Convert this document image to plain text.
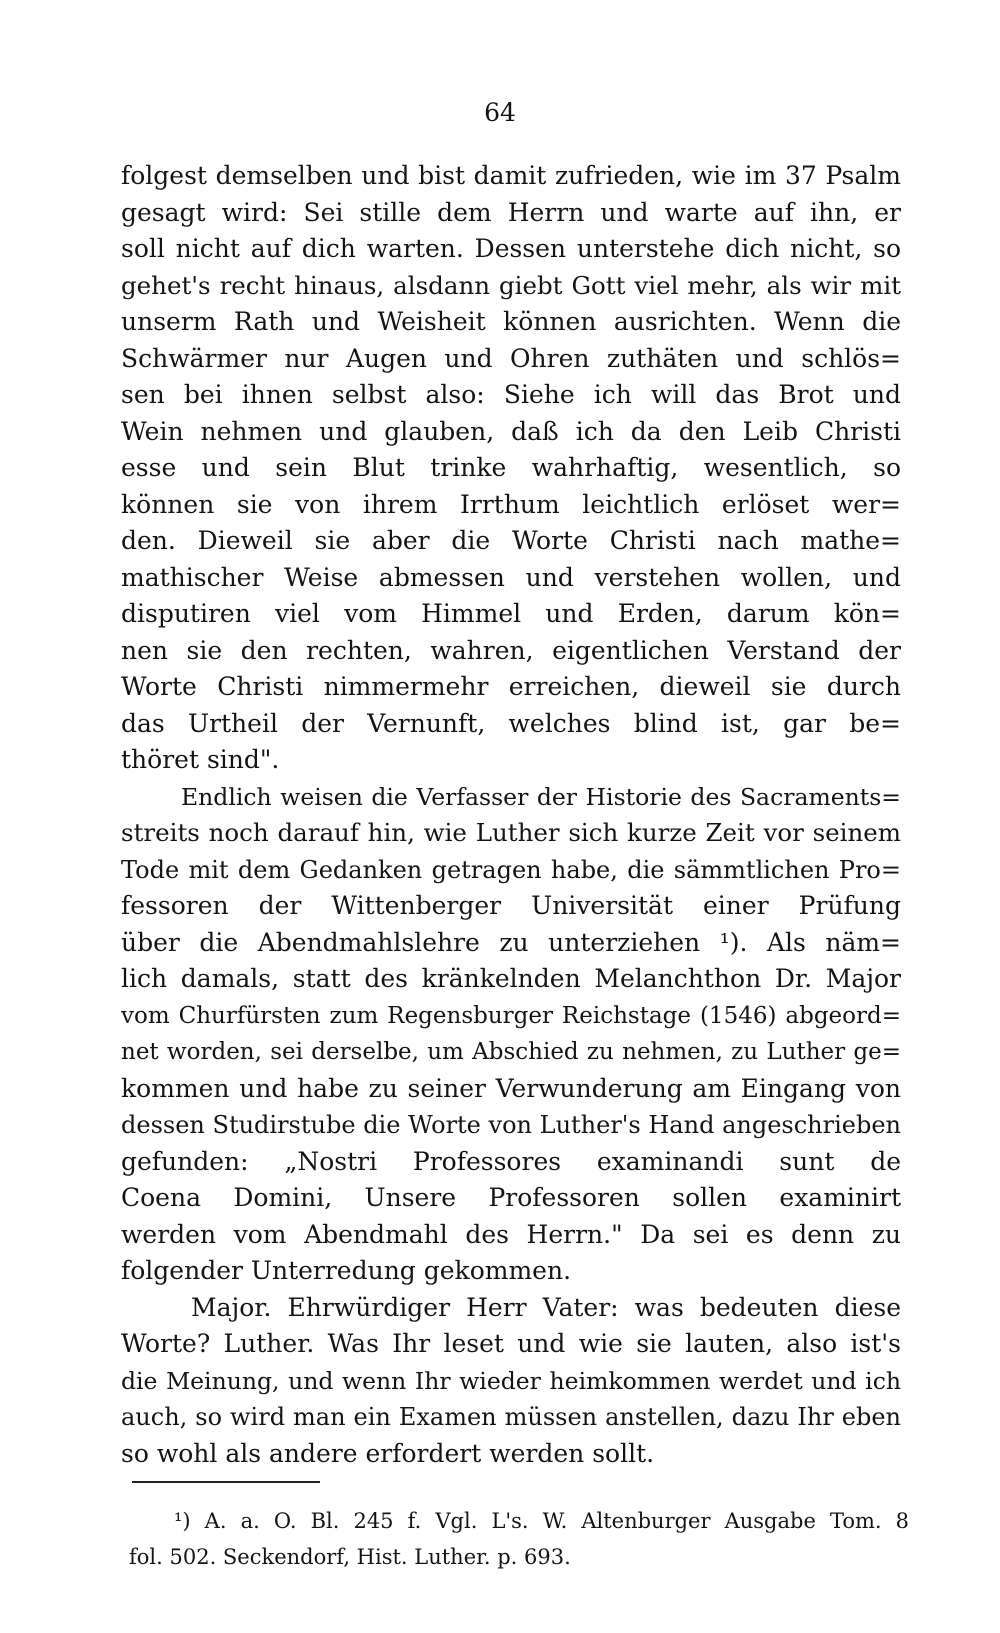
64
folgest demselben und bist damit zufrieden, wie im 37 Psalm
gesagt wird: Sei stille dem Herrn und warte auf ihn, er
soll nicht auf dich warten. Dessen unterstehe dich nicht, so
gehet's recht hinaus, alsdann giebt Gott viel mehr, als wir mit
unserm Rath und Weisheit können ausrichten. Wenn die
Schwärmer nur Augen und Ohren zuthäten und schlös=
sen bei ihnen selbst also: Siehe ich will das Brot und
Wein nehmen und glauben, daß ich da den Leib Christi
esse und sein Blut trinke wahrhaftig, wesentlich, so
können sie von ihrem Irrthum leichtlich erlöset wer=
den. Dieweil sie aber die Worte Christi nach mathe=
mathischer Weise abmessen und verstehen wollen, und
disputiren viel vom Himmel und Erden, darum kön=
nen sie den rechten, wahren, eigentlichen Verstand der
Worte Christi nimmermehr erreichen, dieweil sie durch
das Urtheil der Vernunft, welches blind ist, gar be=
thöret sind".
Endlich weisen die Verfasser der Historie des Sacraments=
streits noch darauf hin, wie Luther sich kurze Zeit vor seinem
Tode mit dem Gedanken getragen habe, die sämmtlichen Pro=
fessoren der Wittenberger Universität einer Prüfung
über die Abendmahlslehre zu unterziehen ¹). Als näm=
lich damals, statt des kränkelnden Melanchthon Dr. Major
vom Churfürsten zum Regensburger Reichstage (1546) abgeord=
net worden, sei derselbe, um Abschied zu nehmen, zu Luther ge=
kommen und habe zu seiner Verwunderung am Eingang von
dessen Studirstube die Worte von Luther's Hand angeschrieben
gefunden: „Nostri Professores examinandi sunt de
Coena Domini, Unsere Professoren sollen examinirt
werden vom Abendmahl des Herrn." Da sei es denn zu
folgender Unterredung gekommen.
Major. Ehrwürdiger Herr Vater: was bedeuten diese
Worte? Luther. Was Ihr leset und wie sie lauten, also ist's
die Meinung, und wenn Ihr wieder heimkommen werdet und ich
auch, so wird man ein Examen müssen anstellen, dazu Ihr eben
so wohl als andere erfordert werden sollt.
¹) A. a. O. Bl. 245 f. Vgl. L's. W. Altenburger Ausgabe Tom. 8
fol. 502. Seckendorf, Hist. Luther. p. 693.
